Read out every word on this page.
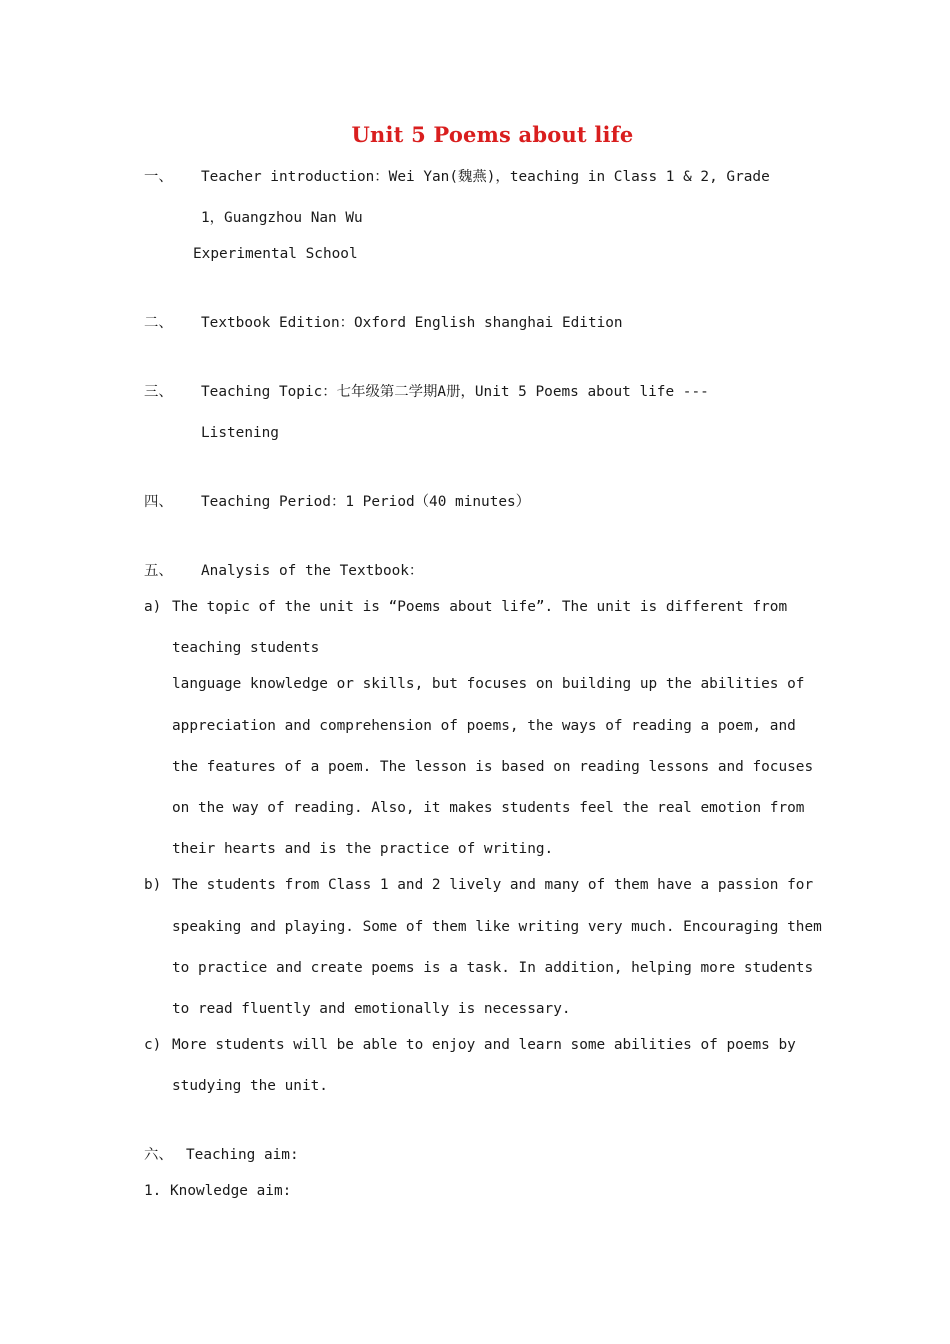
Unit 5 Poems about life
一、 Teacher introduction：Wei Yan(魏燕)，teaching in Class 1 & 2, Grade
1，Guangzhou Nan Wu
Experimental School
二、 Textbook Edition：Oxford English shanghai Edition
三、 Teaching Topic：七年级第二学期A册，Unit 5 Poems about life ---
Listening
四、 Teaching Period：1 Period（40 minutes）
五、 Analysis of the Textbook：
a) The topic of the unit is “Poems about life”. The unit is different from
teaching students
language knowledge or skills, but focuses on building up the abilities of
appreciation and comprehension of poems, the ways of reading a poem, and
the features of a poem. The lesson is based on reading lessons and focuses
on the way of reading. Also, it makes students feel the real emotion from
their hearts and is the practice of writing.
b) The students from Class 1 and 2 lively and many of them have a passion for
speaking and playing. Some of them like writing very much. Encouraging them
to practice and create poems is a task. In addition, helping more students
to read fluently and emotionally is necessary.
c) More students will be able to enjoy and learn some abilities of poems by
studying the unit.
六、 Teaching aim:
1. Knowledge aim:
